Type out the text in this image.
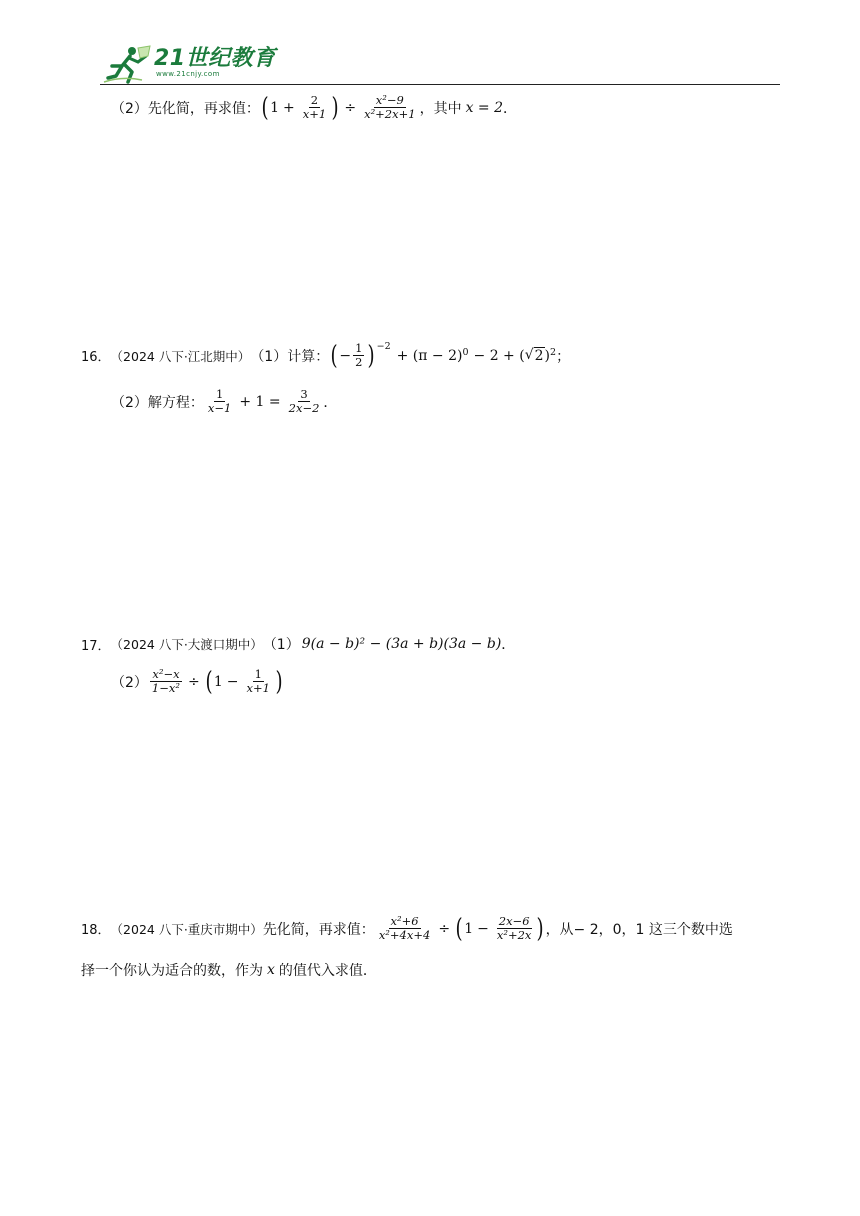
21世纪教育
www.21cnjy.com
（2） 先化简，再求值： ( $1 + \frac{2}{x+1}$ ) ÷ $\frac{\text{x²−9}}{\text{x²+2x+1}}$ ，其中 x = 2 ．
16． （2024 八下·江北期中） （1） 计算： ( − $\frac{1}{2}$ ) −2
+ (π − 2) 0 − 2 + ( √ 2 ) 2 ；
（2） 解方程： $\frac{1}{x-1} + 1 = \frac{3}{2x-2}$ ．
17． （2024 八下·大渡口期中） （1） 9(a − b)² − (3a + b)(3a − b) ．
$(2) \frac{\text{x²−x}}{\text{1−x²}}$ ÷ ( $1 - \frac{1}{x+1}$ )
18． （2024 八下·重庆市期中） 先化简，再求值： $\frac{\text{x²+6}}{\text{x²+4x+4}}$ ÷ ( $1 - \frac{2x-6}{\text{x²+2x}}$ ) ，从− 2，0，1 这三个数中选
择一个你认为适合的数，作为 x 的值代入求值．
